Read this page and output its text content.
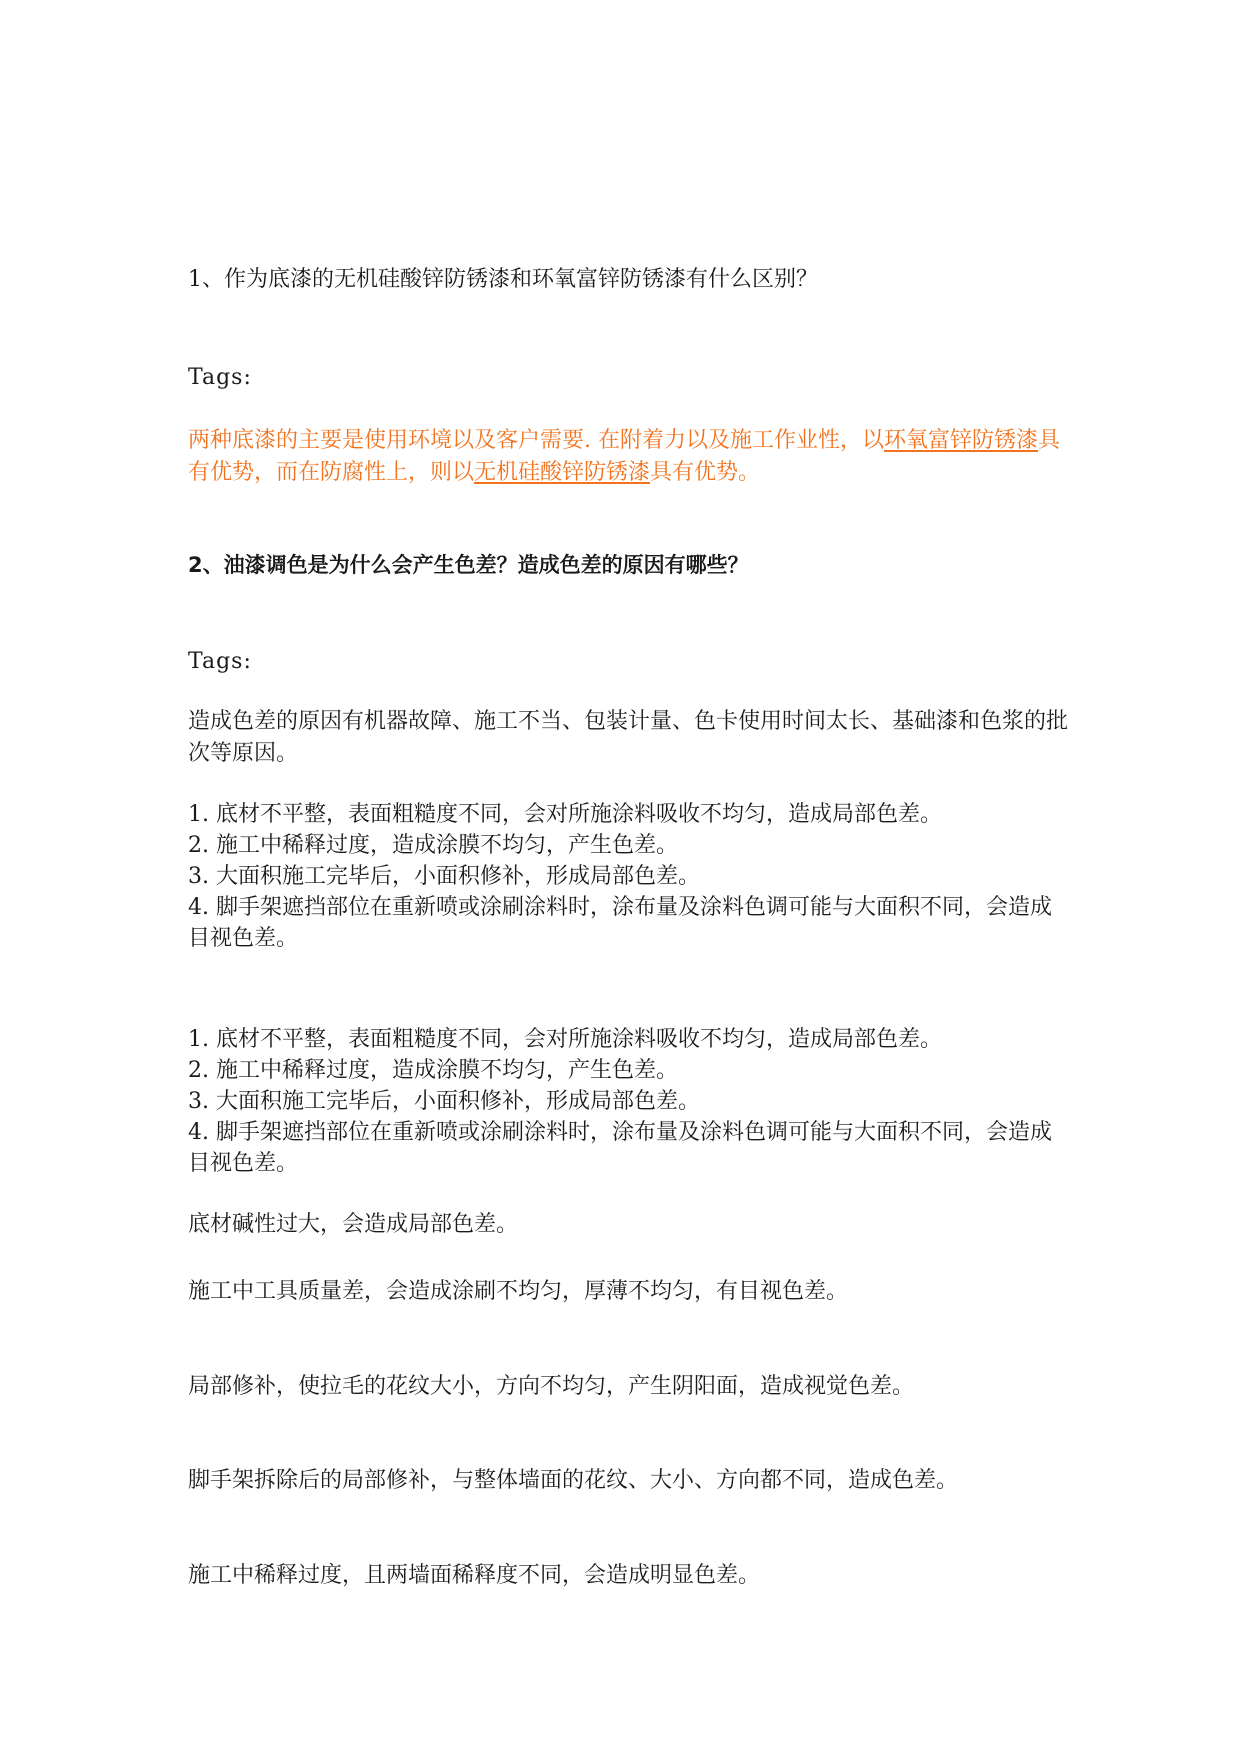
1、作为底漆的无机硅酸锌防锈漆和环氧富锌防锈漆有什么区别？

Tags:

两种底漆的主要是使用环境以及客户需要. 在附着力以及施工作业性，以环氧富锌防锈漆具有优势，而在防腐性上，则以无机硅酸锌防锈漆具有优势。

2、油漆调色是为什么会产生色差？造成色差的原因有哪些？

Tags:

造成色差的原因有机器故障、施工不当、包装计量、色卡使用时间太长、基础漆和色浆的批次等原因。

1. 底材不平整，表面粗糙度不同，会对所施涂料吸收不均匀，造成局部色差。
2. 施工中稀释过度，造成涂膜不均匀，产生色差。
3. 大面积施工完毕后，小面积修补，形成局部色差。
4. 脚手架遮挡部位在重新喷或涂刷涂料时，涂布量及涂料色调可能与大面积不同，会造成目视色差。
1. 底材不平整，表面粗糙度不同，会对所施涂料吸收不均匀，造成局部色差。
2. 施工中稀释过度，造成涂膜不均匀，产生色差。
3. 大面积施工完毕后，小面积修补，形成局部色差。
4. 脚手架遮挡部位在重新喷或涂刷涂料时，涂布量及涂料色调可能与大面积不同，会造成目视色差。

底材碱性过大，会造成局部色差。

施工中工具质量差，会造成涂刷不均匀，厚薄不均匀，有目视色差。

局部修补，使拉毛的花纹大小，方向不均匀，产生阴阳面，造成视觉色差。

脚手架拆除后的局部修补，与整体墙面的花纹、大小、方向都不同，造成色差。

施工中稀释过度，且两墙面稀释度不同，会造成明显色差。
